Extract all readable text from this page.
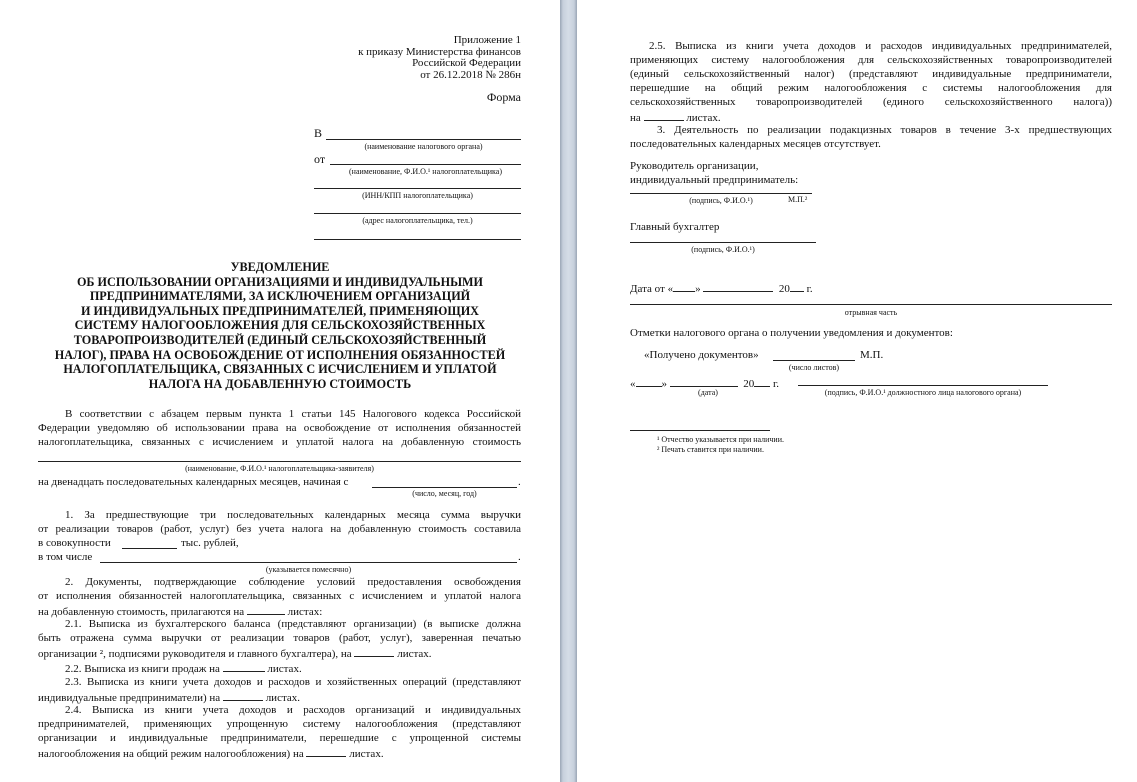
Приложение 1
к приказу Министерства финансов
Российской Федерации
от 26.12.2018 № 286н
Форма
В
(наименование налогового органа)
от
(наименование, Ф.И.О.¹ налогоплательщика)
(ИНН/КПП налогоплательщика)
(адрес налогоплательщика, тел.)
УВЕДОМЛЕНИЕ
ОБ ИСПОЛЬЗОВАНИИ ОРГАНИЗАЦИЯМИ И ИНДИВИДУАЛЬНЫМИ
ПРЕДПРИНИМАТЕЛЯМИ, ЗА ИСКЛЮЧЕНИЕМ ОРГАНИЗАЦИЙ
И ИНДИВИДУАЛЬНЫХ ПРЕДПРИНИМАТЕЛЕЙ, ПРИМЕНЯЮЩИХ
СИСТЕМУ НАЛОГООБЛОЖЕНИЯ ДЛЯ СЕЛЬСКОХОЗЯЙСТВЕННЫХ
ТОВАРОПРОИЗВОДИТЕЛЕЙ (ЕДИНЫЙ СЕЛЬСКОХОЗЯЙСТВЕННЫЙ
НАЛОГ), ПРАВА НА ОСВОБОЖДЕНИЕ ОТ ИСПОЛНЕНИЯ ОБЯЗАННОСТЕЙ
НАЛОГОПЛАТЕЛЬЩИКА, СВЯЗАННЫХ С ИСЧИСЛЕНИЕМ И УПЛАТОЙ
НАЛОГА НА ДОБАВЛЕННУЮ СТОИМОСТЬ
В соответствии с абзацем первым пункта 1 статьи 145 Налогового кодекса Российской
Федерации уведомляю об использовании права на освобождение от исполнения обязанностей
налогоплательщика, связанных с исчислением и уплатой налога на добавленную стоимость
(наименование, Ф.И.О.¹ налогоплательщика-заявителя)
на двенадцать последовательных календарных месяцев, начиная с	.
(число, месяц, год)
1. За предшествующие три последовательных календарных месяца сумма выручки
от реализации товаров (работ, услуг) без учета налога на добавленную стоимость составила
в совокупности	тыс. рублей,
в том числе	.
(указывается помесячно)
2. Документы, подтверждающие соблюдение условий предоставления освобождения
от исполнения обязанностей налогоплательщика, связанных с исчислением и уплатой налога
на добавленную стоимость, прилагаются на	листах:
2.1. Выписка из бухгалтерского баланса (представляют организации) (в выписке должна
быть отражена сумма выручки от реализации товаров (работ, услуг), заверенная печатью
организации ², подписями руководителя и главного бухгалтера), на	листах.
2.2. Выписка из книги продаж на	листах.
2.3. Выписка из книги учета доходов и расходов и хозяйственных операций (представляют
индивидуальные предприниматели) на	листах.
2.4. Выписка из книги учета доходов и расходов организаций и индивидуальных
предпринимателей, применяющих упрощенную систему налогообложения (представляют
организации и индивидуальные предприниматели, перешедшие с упрощенной системы
налогообложения на общий режим налогообложения) на	листах.
2.5. Выписка из книги учета доходов и расходов индивидуальных предпринимателей,
применяющих систему налогообложения для сельскохозяйственных товаропроизводителей
(единый сельскохозяйственный налог) (представляют индивидуальные предприниматели,
перешедшие на общий режим налогообложения с системы налогообложения для
сельскохозяйственных товаропроизводителей (единого сельскохозяйственного налога))
на	листах.
3. Деятельность по реализации подакцизных товаров в течение 3-х предшествующих
последовательных календарных месяцев отсутствует.
Руководитель организации,
индивидуальный предприниматель:
(подпись, Ф.И.О.¹)	М.П.²
Главный бухгалтер
(подпись, Ф.И.О.¹)
Дата от « »	20 г.
отрывная часть
Отметки налогового органа о получении уведомления и документов:
«Получено документов»
(число листов)
М.П.
« »	20 г.
(дата)	(подпись, Ф.И.О.¹ должностного лица налогового органа)
¹ Отчество указывается при наличии.
² Печать ставится при наличии.
